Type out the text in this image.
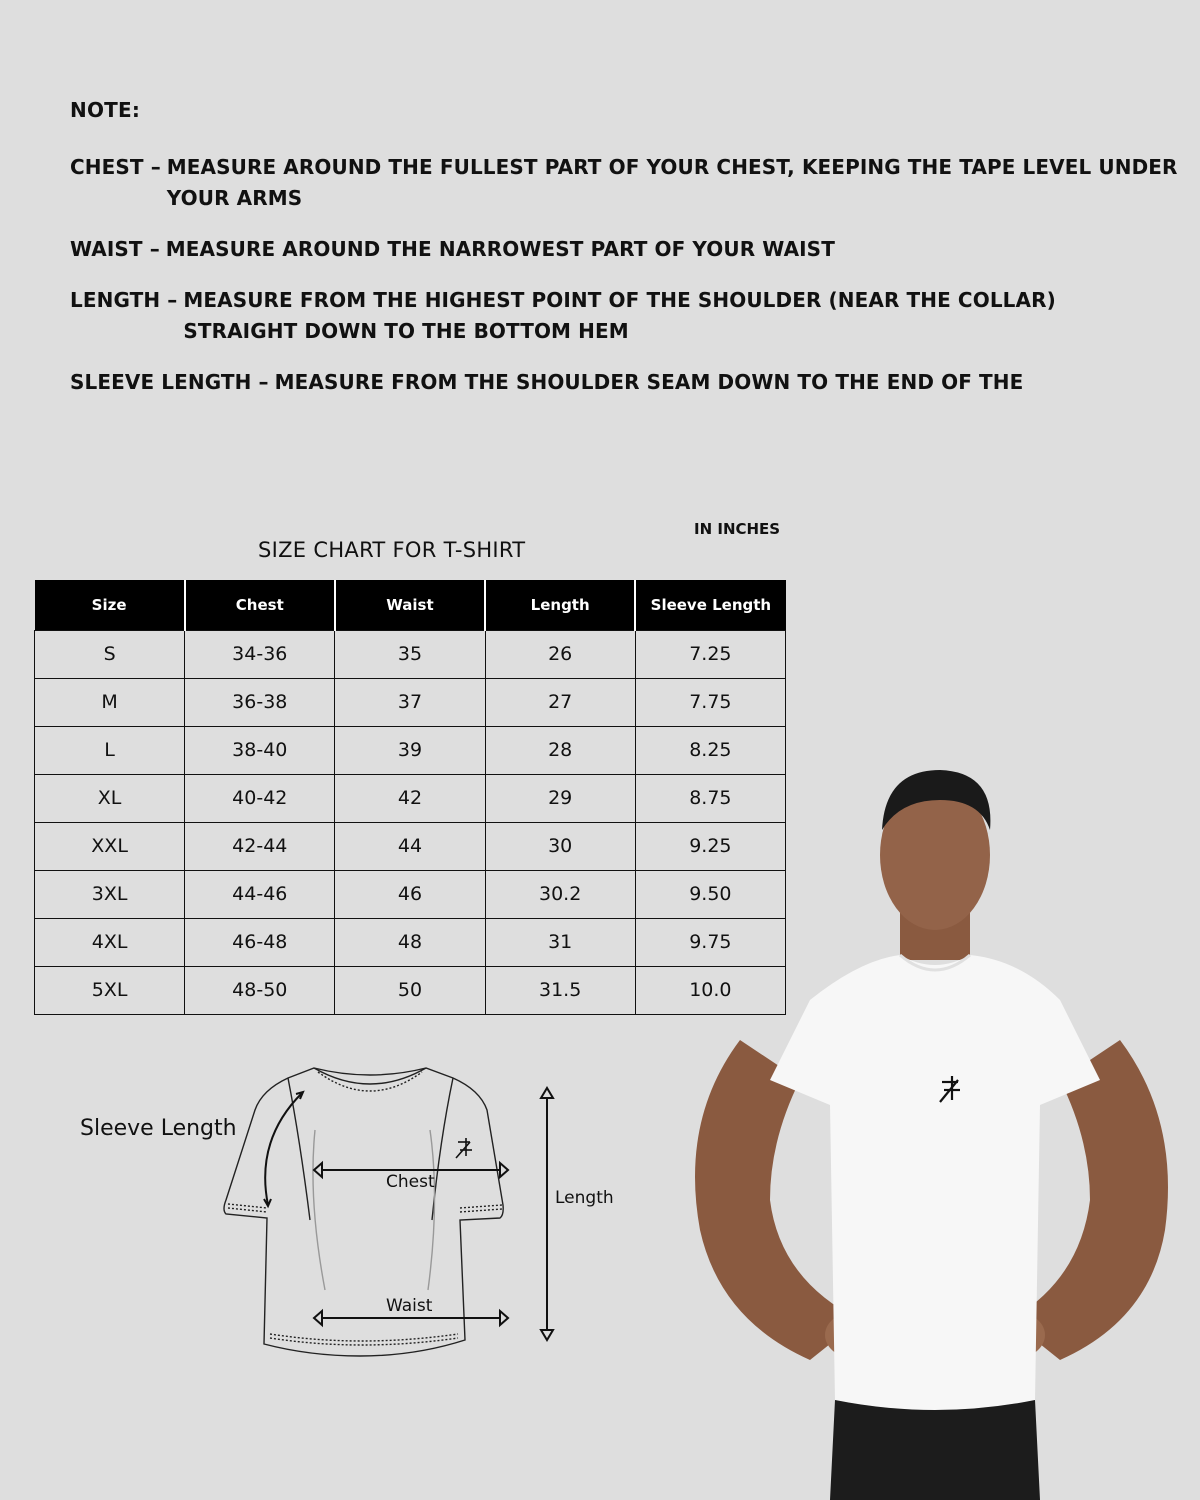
NOTE:
CHEST – MEASURE AROUND THE FULLEST PART OF YOUR CHEST, KEEPING THE TAPE LEVEL UNDER YOUR ARMS
WAIST – MEASURE AROUND THE NARROWEST PART OF YOUR WAIST
LENGTH – MEASURE FROM THE HIGHEST POINT OF THE SHOULDER (NEAR THE COLLAR) STRAIGHT DOWN TO THE BOTTOM HEM
SLEEVE LENGTH – MEASURE FROM THE SHOULDER SEAM DOWN TO THE END OF THE
IN INCHES
SIZE CHART FOR T-SHIRT
Size	Chest	Waist	Length	Sleeve Length
S	34-36	35	26	7.25
M	36-38	37	27	7.75
L	38-40	39	28	8.25
XL	40-42	42	29	8.75
XXL	42-44	44	30	9.25
3XL	44-46	46	30.2	9.50
4XL	46-48	48	31	9.75
5XL	48-50	50	31.5	10.0
Sleeve Length
Chest
Waist
Length
